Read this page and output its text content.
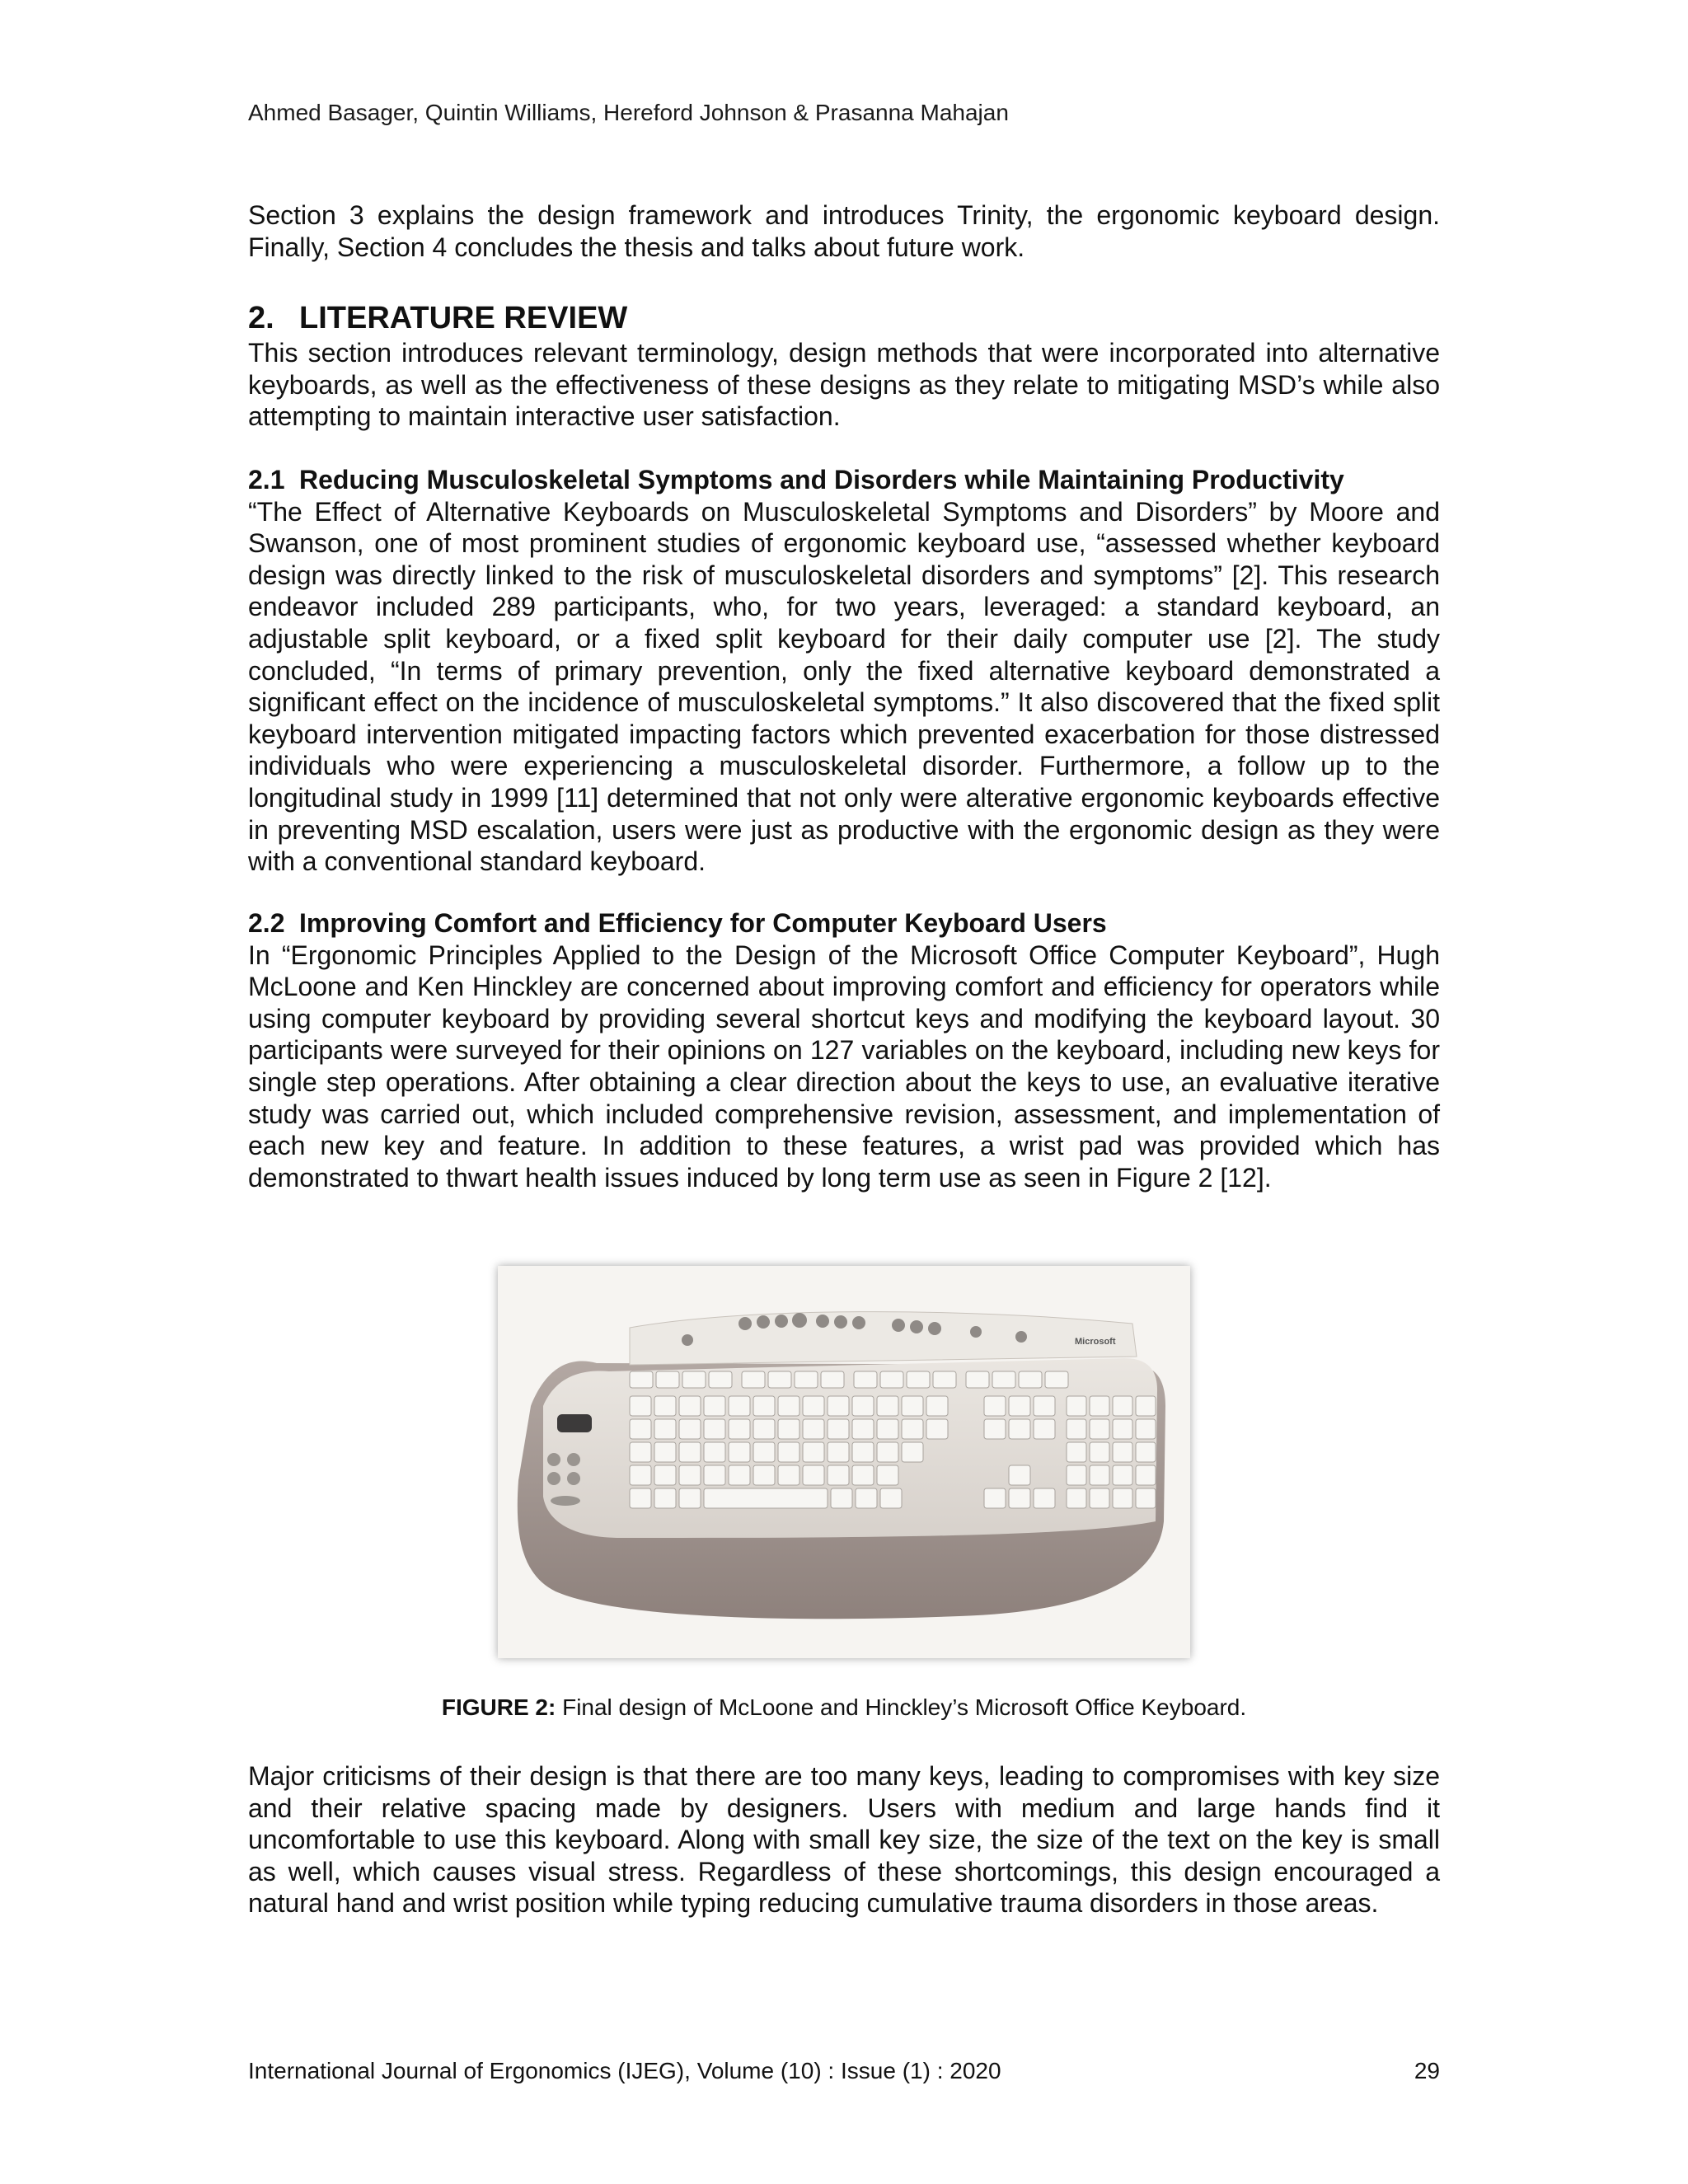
Ahmed Basager, Quintin Williams, Hereford Johnson & Prasanna Mahajan

Section 3 explains the design framework and introduces Trinity, the ergonomic keyboard design. Finally, Section 4 concludes the thesis and talks about future work.

2. LITERATURE REVIEW

This section introduces relevant terminology, design methods that were incorporated into alternative keyboards, as well as the effectiveness of these designs as they relate to mitigating MSD’s while also attempting to maintain interactive user satisfaction.

2.1 Reducing Musculoskeletal Symptoms and Disorders while Maintaining Productivity

“The Effect of Alternative Keyboards on Musculoskeletal Symptoms and Disorders” by Moore and Swanson, one of most prominent studies of ergonomic keyboard use, “assessed whether keyboard design was directly linked to the risk of musculoskeletal disorders and symptoms” [2]. This research endeavor included 289 participants, who, for two years, leveraged: a standard keyboard, an adjustable split keyboard, or a fixed split keyboard for their daily computer use [2]. The study concluded, “In terms of primary prevention, only the fixed alternative keyboard demonstrated a significant effect on the incidence of musculoskeletal symptoms.” It also discovered that the fixed split keyboard intervention mitigated impacting factors which prevented exacerbation for those distressed individuals who were experiencing a musculoskeletal disorder. Furthermore, a follow up to the longitudinal study in 1999 [11] determined that not only were alterative ergonomic keyboards effective in preventing MSD escalation, users were just as productive with the ergonomic design as they were with a conventional standard keyboard.

2.2 Improving Comfort and Efficiency for Computer Keyboard Users

In “Ergonomic Principles Applied to the Design of the Microsoft Office Computer Keyboard”, Hugh McLoone and Ken Hinckley are concerned about improving comfort and efficiency for operators while using computer keyboard by providing several shortcut keys and modifying the keyboard layout. 30 participants were surveyed for their opinions on 127 variables on the keyboard, including new keys for single step operations. After obtaining a clear direction about the keys to use, an evaluative iterative study was carried out, which included comprehensive revision, assessment, and implementation of each new key and feature. In addition to these features, a wrist pad was provided which has demonstrated to thwart health issues induced by long term use as seen in Figure 2 [12].

Microsoft
FIGURE 2: Final design of McLoone and Hinckley’s Microsoft Office Keyboard.

Major criticisms of their design is that there are too many keys, leading to compromises with key size and their relative spacing made by designers. Users with medium and large hands find it uncomfortable to use this keyboard. Along with small key size, the size of the text on the key is small as well, which causes visual stress. Regardless of these shortcomings, this design encouraged a natural hand and wrist position while typing reducing cumulative trauma disorders in those areas.

International Journal of Ergonomics (IJEG), Volume (10) : Issue (1) : 2020	29
